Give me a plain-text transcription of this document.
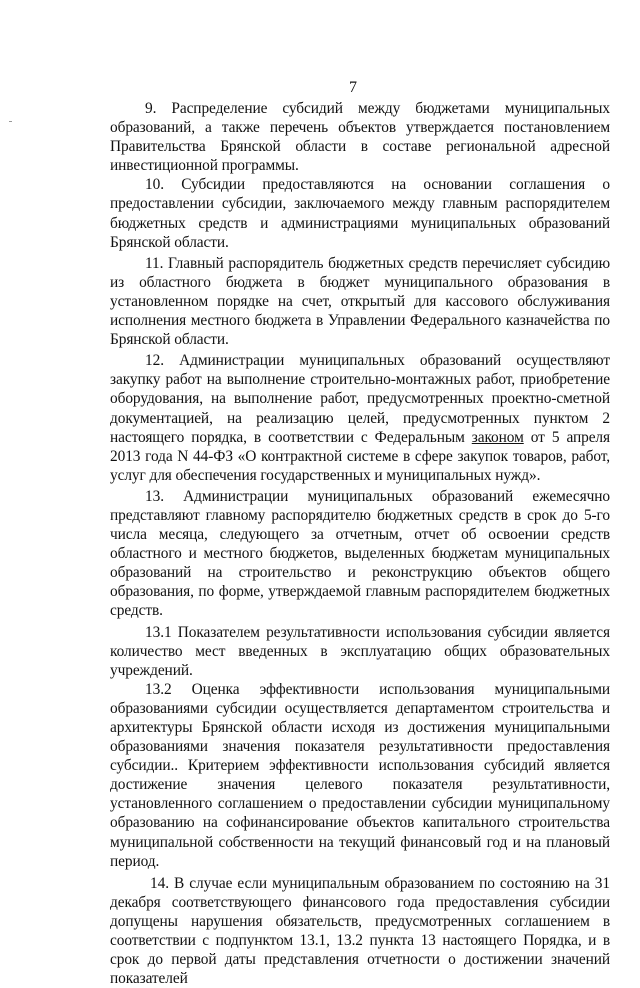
7

9. Распределение субсидий между бюджетами муниципальных образований, а также перечень объектов утверждается постановлением Правительства Брянской области в составе региональной адресной инвестиционной программы.

10. Субсидии предоставляются на основании соглашения о предоставлении субсидии, заключаемого между главным распорядителем бюджетных средств и администрациями муниципальных образований Брянской области.

11. Главный распорядитель бюджетных средств перечисляет субсидию из областного бюджета в бюджет муниципального образования в установленном порядке на счет, открытый для кассового обслуживания исполнения местного бюджета в Управлении Федерального казначейства по Брянской области.

12. Администрации муниципальных образований осуществляют закупку работ на выполнение строительно-монтажных работ, приобретение оборудования, на выполнение работ, предусмотренных проектно-сметной документацией, на реализацию целей, предусмотренных пунктом 2 настоящего порядка, в соответствии с Федеральным законом от 5 апреля 2013 года N 44-ФЗ «О контрактной системе в сфере закупок товаров, работ, услуг для обеспечения государственных и муниципальных нужд».

13. Администрации муниципальных образований ежемесячно представляют главному распорядителю бюджетных средств в срок до 5-го числа месяца, следующего за отчетным, отчет об освоении средств областного и местного бюджетов, выделенных бюджетам муниципальных образований на строительство и реконструкцию объектов общего образования, по форме, утверждаемой главным распорядителем бюджетных средств.

13.1 Показателем результативности использования субсидии является количество мест введенных в эксплуатацию общих образовательных учреждений.

13.2 Оценка эффективности использования муниципальными образованиями субсидии осуществляется департаментом строительства и архитектуры Брянской области исходя из достижения муниципальными образованиями значения показателя результативности предоставления субсидии.. Критерием эффективности использования субсидий является достижение значения целевого показателя результативности, установленного соглашением о предоставлении субсидии муниципальному образованию на софинансирование объектов капитального строительства муниципальной собственности на текущий финансовый год и на плановый период.

14. В случае если муниципальным образованием по состоянию на 31 декабря соответствующего финансового года предоставления субсидии допущены нарушения обязательств, предусмотренных соглашением в соответствии с подпунктом 13.1, 13.2 пункта 13 настоящего Порядка, и в срок до первой даты представления отчетности о достижении значений показателей
